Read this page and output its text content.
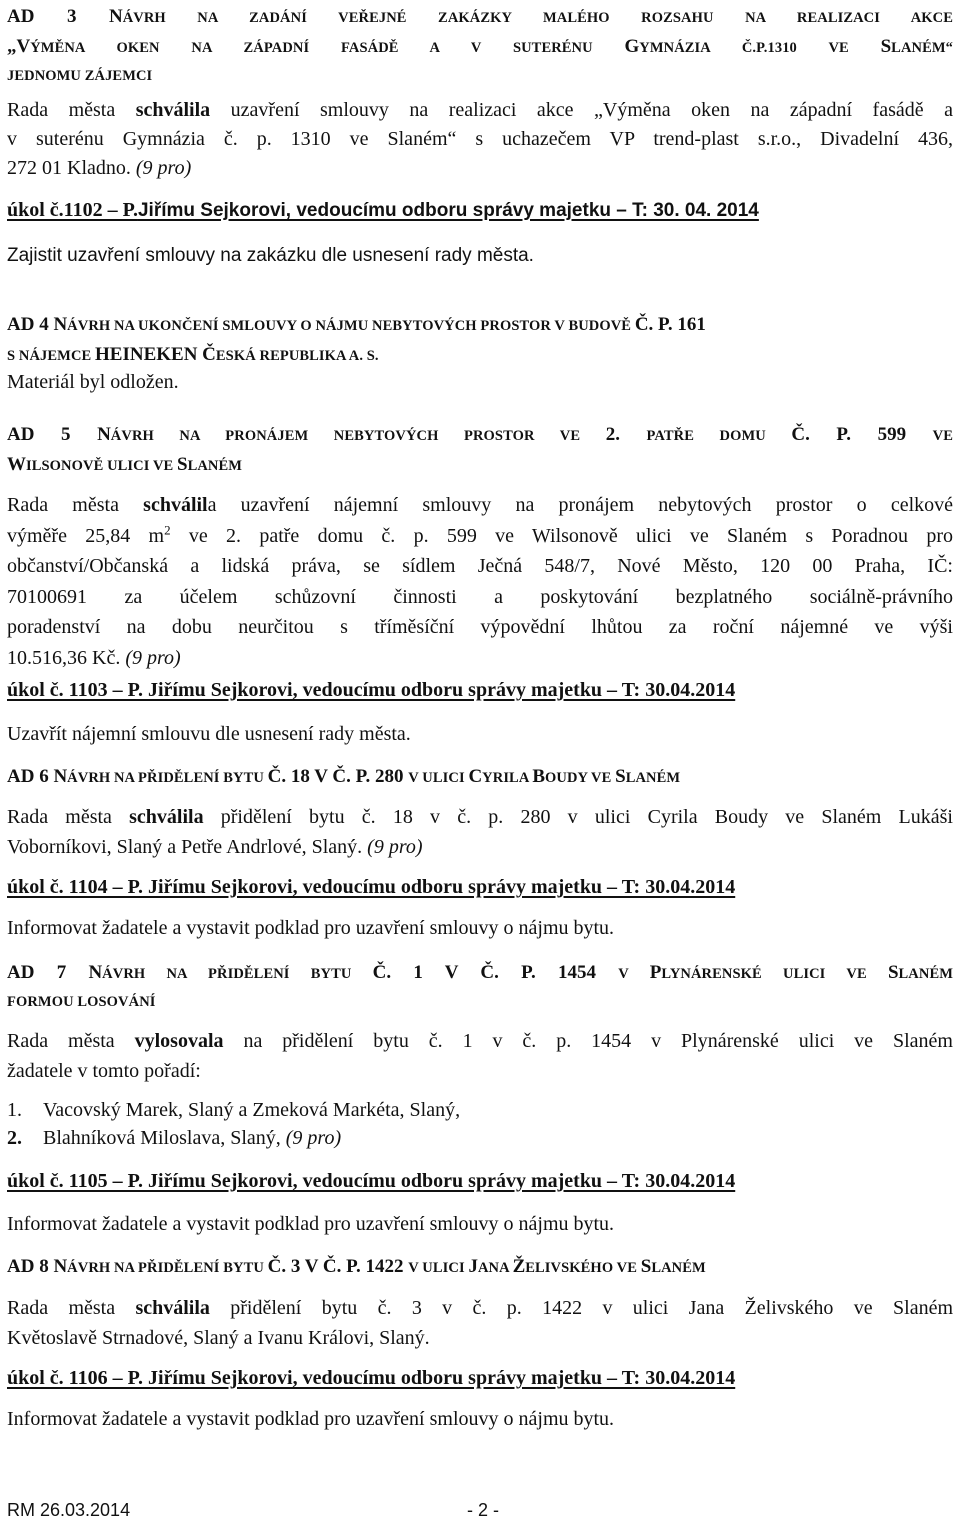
AD 3 NÁVRH NA ZADÁNÍ VEŘEJNÉ ZAKÁZKY MALÉHO ROZSAHU NA REALIZACI AKCE
„VÝMĚNA OKEN NA ZÁPADNÍ FASÁDĚ A V SUTERÉNU GYMNÁZIA Č.P.1310 VE SLANÉM“
JEDNOMU ZÁJEMCI
Rada města schválila uzavření smlouvy na realizaci akce „Výměna oken na západní fasádě a
v suterénu Gymnázia č. p. 1310 ve Slaném“ s uchazečem VP trend-plast s.r.o., Divadelní 436,
272 01 Kladno. (9 pro)
úkol č.1102 – P.Jiřímu Sejkorovi, vedoucímu odboru správy majetku – T: 30. 04. 2014
Zajistit uzavření smlouvy na zakázku dle usnesení rady města.
AD 4 NÁVRH NA UKONČENÍ SMLOUVY O NÁJMU NEBYTOVÝCH PROSTOR V BUDOVĚ Č. P. 161
S NÁJEMCE HEINEKEN ČESKÁ REPUBLIKA A. S.
Materiál byl odložen.
AD 5 NÁVRH NA PRONÁJEM NEBYTOVÝCH PROSTOR VE 2. PATŘE DOMU Č. P. 599 VE
WILSONOVĚ ULICI VE SLANÉM
Rada města schválila uzavření nájemní smlouvy na pronájem nebytových prostor o celkové
výměře 25,84 $m^2$ ve 2. patře domu č. p. 599 ve Wilsonově ulici ve Slaném s Poradnou pro
občanství/Občanská a lidská práva, se sídlem Ječná 548/7, Nové Město, 120 00 Praha, IČ:
70100691 za účelem schůzovní činnosti a poskytování bezplatného sociálně-právního
poradenství na dobu neurčitou s tříměsíční výpovědní lhůtou za roční nájemné ve výši
10.516,36 Kč. (9 pro)
úkol č. 1103 – P. Jiřímu Sejkorovi, vedoucímu odboru správy majetku – T: 30.04.2014
Uzavřít nájemní smlouvu dle usnesení rady města.
AD 6 NÁVRH NA PŘIDĚLENÍ BYTU Č. 18 V Č. P. 280 V ULICI CYRILA BOUDY VE SLANÉM
Rada města schválila přidělení bytu č. 18 v č. p. 280 v ulici Cyrila Boudy ve Slaném Lukáši
Voborníkovi, Slaný a Petře Andrlové, Slaný. (9 pro)
úkol č. 1104 – P. Jiřímu Sejkorovi, vedoucímu odboru správy majetku – T: 30.04.2014
Informovat žadatele a vystavit podklad pro uzavření smlouvy o nájmu bytu.
AD 7 NÁVRH NA PŘIDĚLENÍ BYTU Č. 1 V Č. P. 1454 V PLYNÁRENSKÉ ULICI VE SLANÉM
FORMOU LOSOVÁNÍ
Rada města vylosovala na přidělení bytu č. 1 v č. p. 1454 v Plynárenské ulici ve Slaném
žadatele v tomto pořadí:
1. Vacovský Marek, Slaný a Zmeková Markéta, Slaný,
2. Blahníková Miloslava, Slaný, (9 pro)
úkol č. 1105 – P. Jiřímu Sejkorovi, vedoucímu odboru správy majetku – T: 30.04.2014
Informovat žadatele a vystavit podklad pro uzavření smlouvy o nájmu bytu.
AD 8 NÁVRH NA PŘIDĚLENÍ BYTU Č. 3 V Č. P. 1422 V ULICI JANA ŽELIVSKÉHO VE SLANÉM
Rada města schválila přidělení bytu č. 3 v č. p. 1422 v ulici Jana Želivského ve Slaném
Květoslavě Strnadové, Slaný a Ivanu Královi, Slaný.
úkol č. 1106 – P. Jiřímu Sejkorovi, vedoucímu odboru správy majetku – T: 30.04.2014
Informovat žadatele a vystavit podklad pro uzavření smlouvy o nájmu bytu.
RM 26.03.2014	- 2 -
